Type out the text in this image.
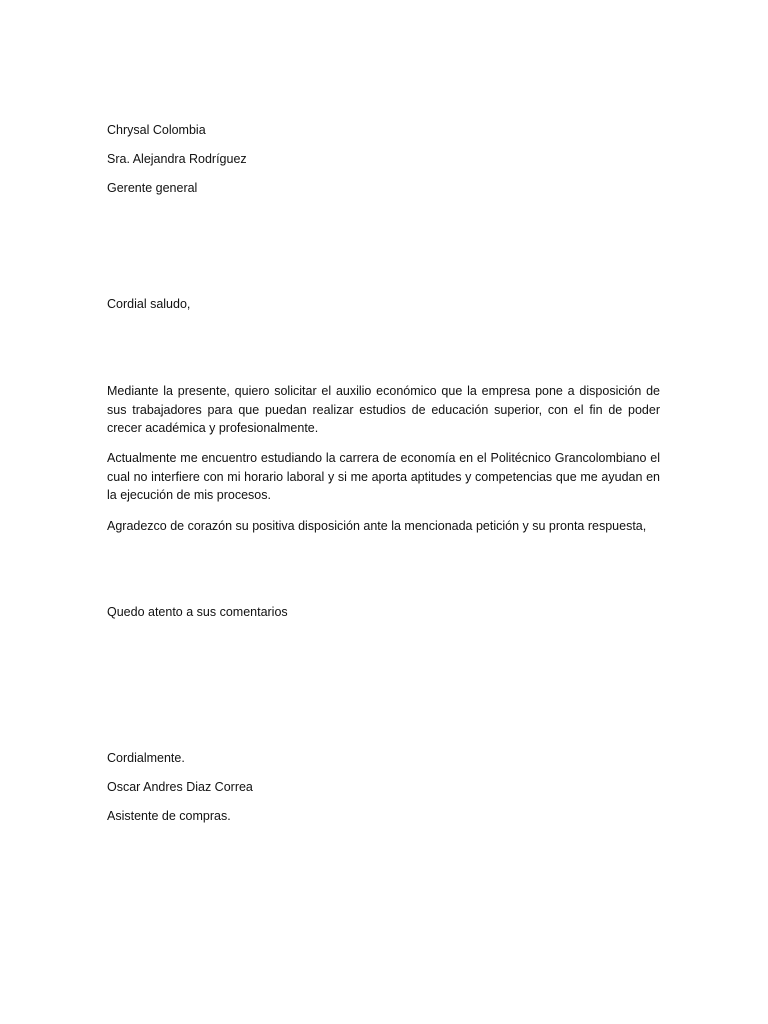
Chrysal Colombia
Sra. Alejandra Rodríguez
Gerente general
Cordial saludo,
Mediante la presente, quiero solicitar el auxilio económico que la empresa pone a disposición de sus trabajadores para que puedan realizar estudios de educación superior, con el fin de poder crecer académica y profesionalmente.
Actualmente me encuentro estudiando la carrera de economía en el Politécnico Grancolombiano el cual no interfiere con mi horario laboral y si me aporta aptitudes y competencias que me ayudan en la ejecución de mis procesos.
Agradezco de corazón su positiva disposición ante la mencionada petición y su pronta respuesta,
Quedo atento a sus comentarios
Cordialmente.
Oscar Andres Diaz Correa
Asistente de compras.
